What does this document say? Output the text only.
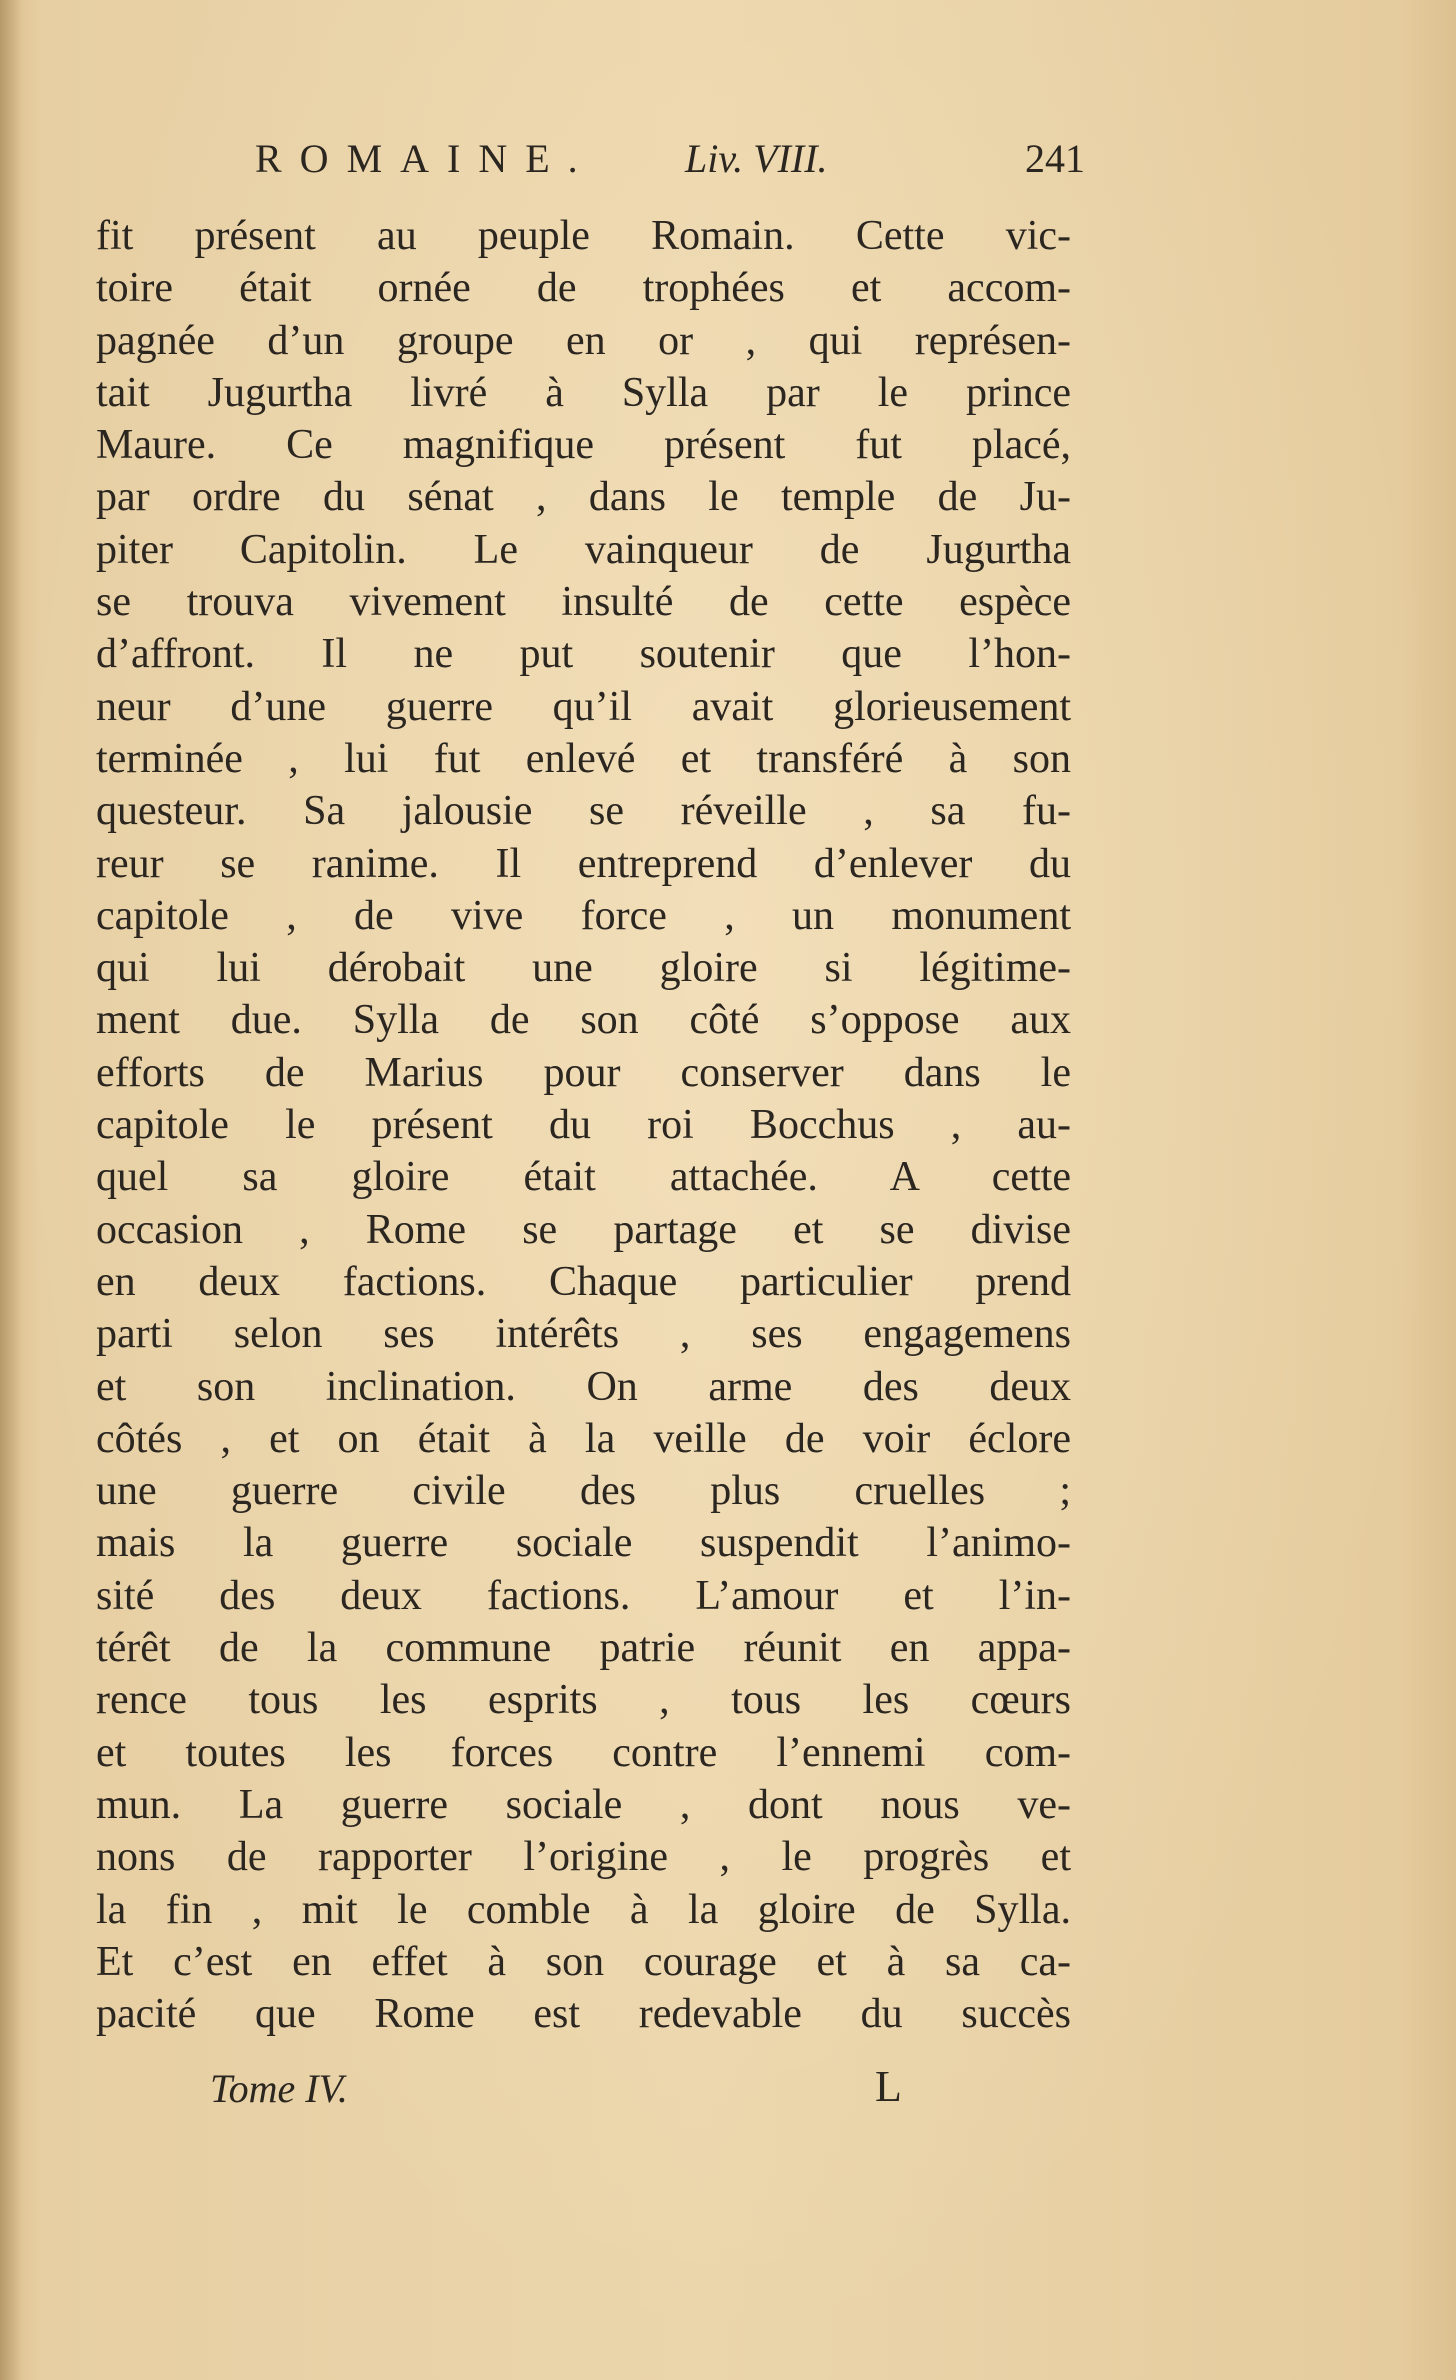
ROMAINE. Liv. VIII.	241
fit présent au peuple Romain. Cette vic-
toire était ornée de trophées et accom-
pagnée d’un groupe en or , qui représen-
tait Jugurtha livré à Sylla par le prince
Maure. Ce magnifique présent fut placé,
par ordre du sénat , dans le temple de Ju-
piter Capitolin. Le vainqueur de Jugurtha
se trouva vivement insulté de cette espèce
d’affront. Il ne put soutenir que l’hon-
neur d’une guerre qu’il avait glorieusement
terminée , lui fut enlevé et transféré à son
questeur. Sa jalousie se réveille , sa fu-
reur se ranime. Il entreprend d’enlever du
capitole , de vive force , un monument
qui lui dérobait une gloire si légitime-
ment due. Sylla de son côté s’oppose aux
efforts de Marius pour conserver dans le
capitole le présent du roi Bocchus , au-
quel sa gloire était attachée. A cette
occasion , Rome se partage et se divise
en deux factions. Chaque particulier prend
parti selon ses intérêts , ses engagemens
et son inclination. On arme des deux
côtés , et on était à la veille de voir éclore
une guerre civile des plus cruelles ;
mais la guerre sociale suspendit l’animo-
sité des deux factions. L’amour et l’in-
térêt de la commune patrie réunit en appa-
rence tous les esprits , tous les cœurs
et toutes les forces contre l’ennemi com-
mun. La guerre sociale , dont nous ve-
nons de rapporter l’origine , le progrès et
la fin , mit le comble à la gloire de Sylla.
Et c’est en effet à son courage et à sa ca-
pacité que Rome est redevable du succès
Tome IV.	L
